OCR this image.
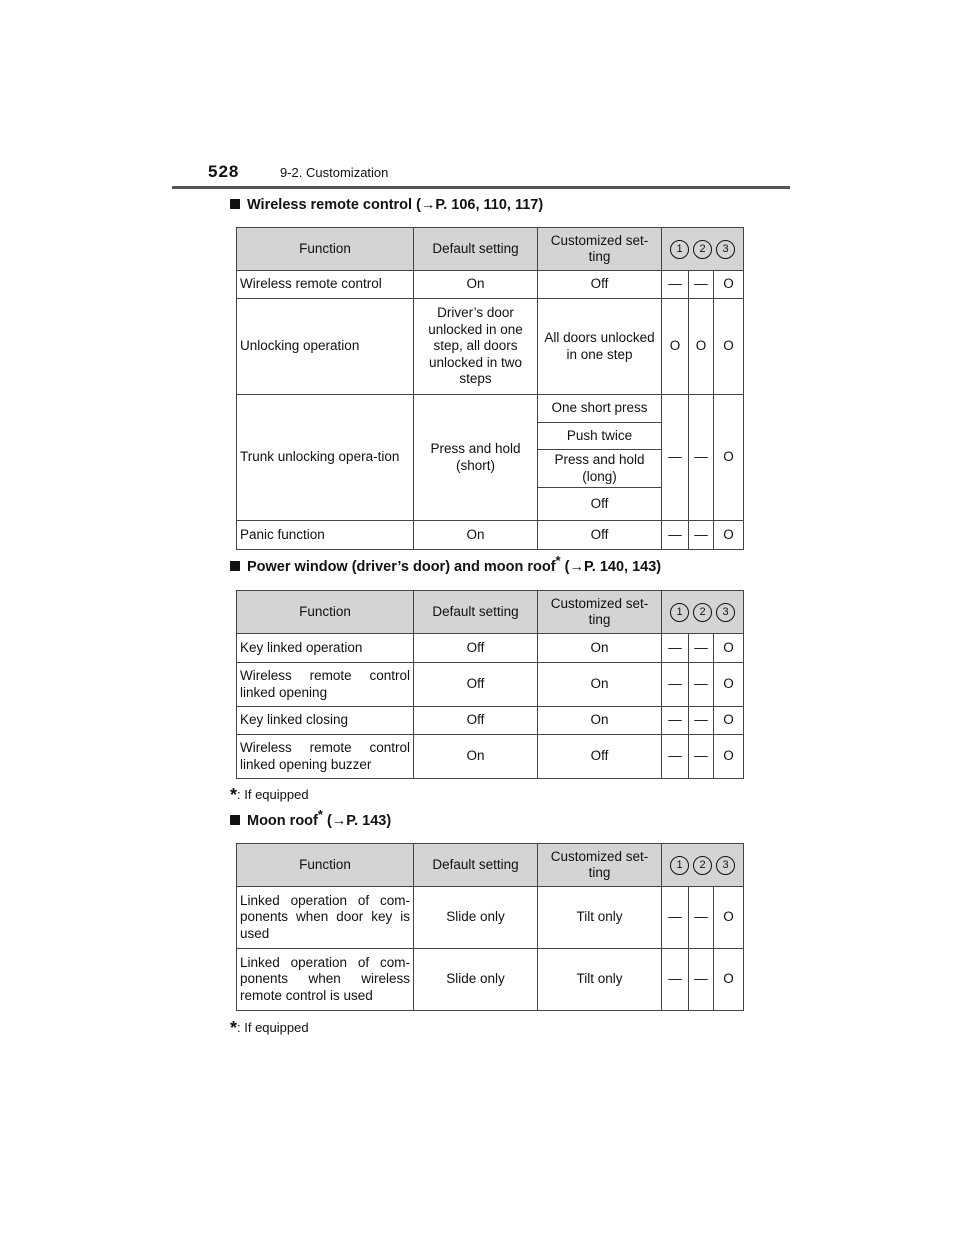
528	9-2. Customization
Wireless remote control (→P. 106, 110, 117)
Function	Default setting	Customized set-ting	1 2 3		
Wireless remote control	On	Off	—	—	O
Unlocking operation	Driver’s door unlocked in one step, all doors unlocked in two steps	All doors unlocked in one step	O	O	O
Trunk unlocking opera-tion	Press and hold (short)	One short press	—	—	O
		Push twice			
		Press and hold (long)			
		Off			
Panic function	On	Off	—	—	O
Power window (driver’s door) and moon roof* (→P. 140, 143)
Function	Default setting	Customized set-ting	1 2 3		
Key linked operation	Off	On	—	—	O
Wireless remote control linked opening	Off	On	—	—	O
Key linked closing	Off	On	—	—	O
Wireless remote control linked opening buzzer	On	Off	—	—	O
*: If equipped
Moon roof* (→P. 143)
Function	Default setting	Customized set-ting	1 2 3		
Linked operation of com-ponents when door key is used	Slide only	Tilt only	—	—	O
Linked operation of com-ponents when wireless remote control is used	Slide only	Tilt only	—	—	O
*: If equipped
